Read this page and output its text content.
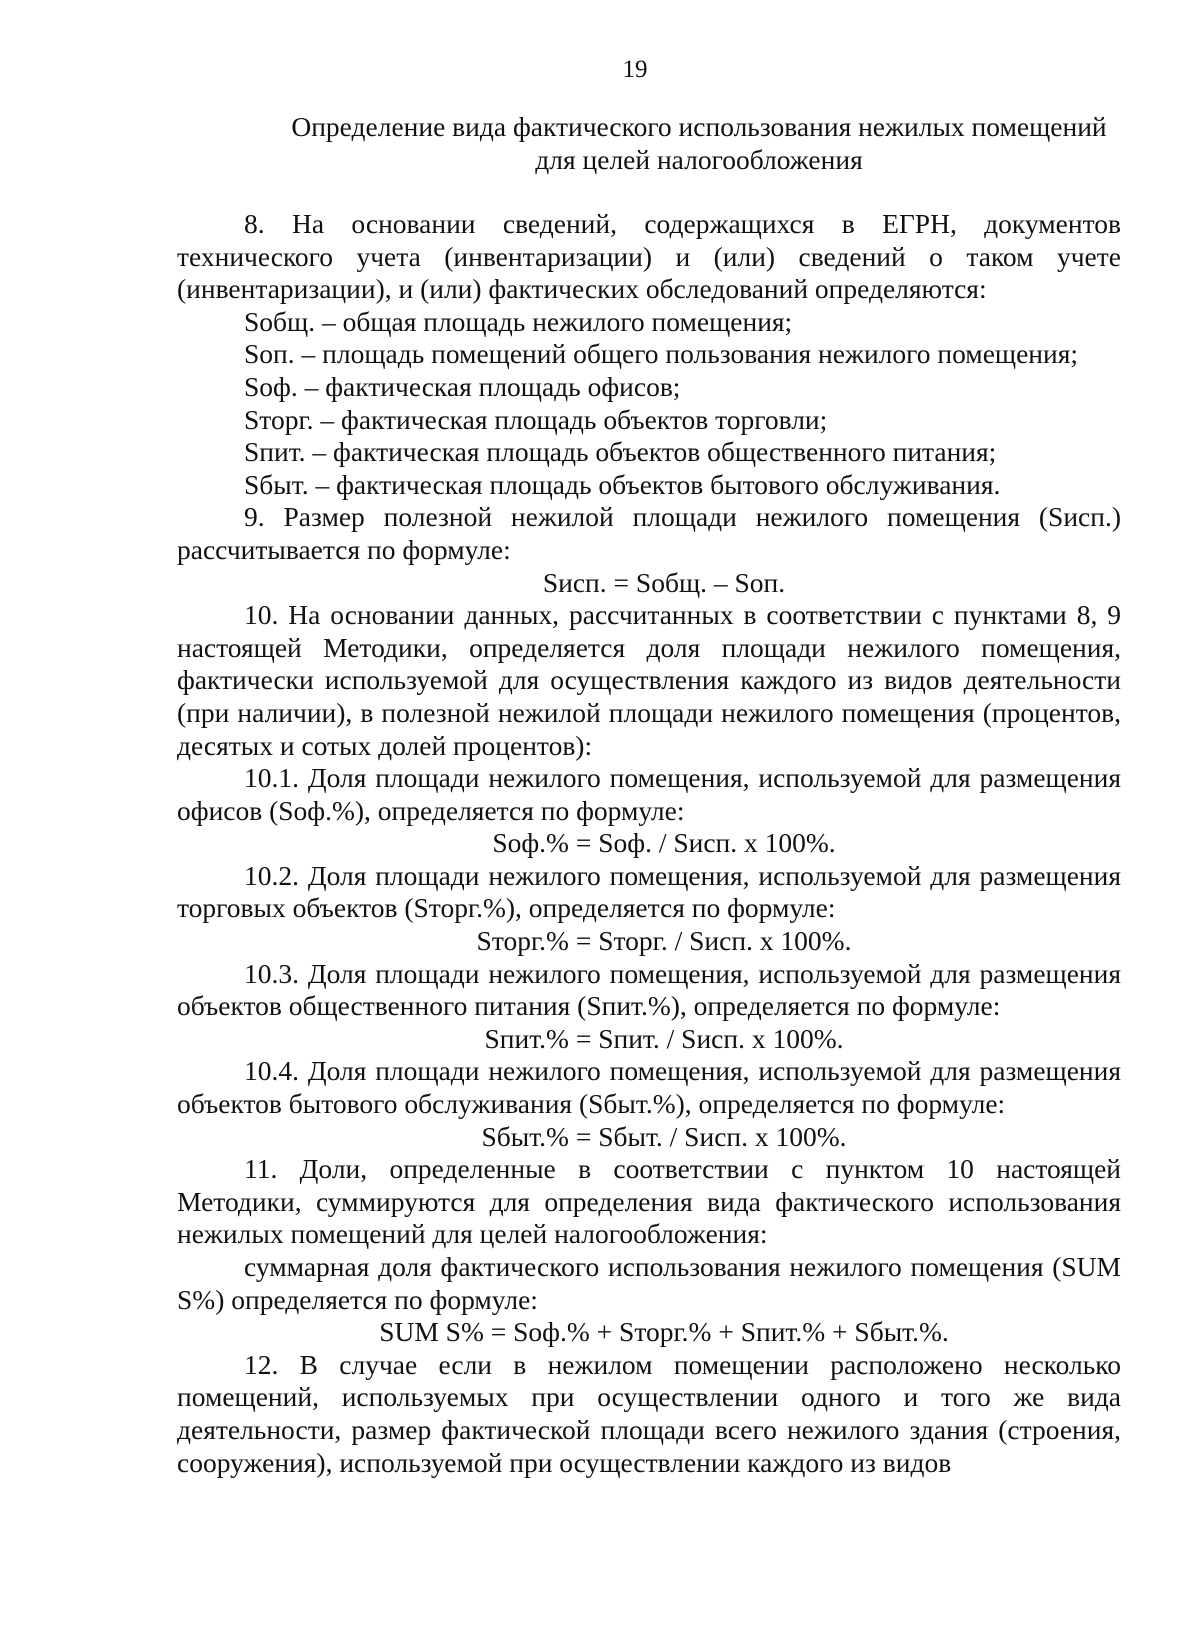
19
Определение вида фактического использования нежилых помещений
для целей налогообложения

8. На основании сведений, содержащихся в ЕГРН, документов технического учета (инвентаризации) и (или) сведений о таком учете (инвентаризации), и (или) фактических обследований определяются:

Sобщ. – общая площадь нежилого помещения;

Sоп. – площадь помещений общего пользования нежилого помещения;

Sоф. – фактическая площадь офисов;

Sторг. – фактическая площадь объектов торговли;

Sпит. – фактическая площадь объектов общественного питания;

Sбыт. – фактическая площадь объектов бытового обслуживания.

9. Размер полезной нежилой площади нежилого помещения (Sисп.) рассчитывается по формуле:

Sисп. = Sобщ. – Sоп.

10. На основании данных, рассчитанных в соответствии с пунктами 8, 9 настоящей Методики, определяется доля площади нежилого помещения, фактически используемой для осуществления каждого из видов деятельности (при наличии), в полезной нежилой площади нежилого помещения (процентов, десятых и сотых долей процентов):

10.1. Доля площади нежилого помещения, используемой для размещения офисов (Sоф.%), определяется по формуле:

Sоф.% = Sоф. / Sисп. x 100%.

10.2. Доля площади нежилого помещения, используемой для размещения торговых объектов (Sторг.%), определяется по формуле:

Sторг.% = Sторг. / Sисп. x 100%.

10.3. Доля площади нежилого помещения, используемой для размещения объектов общественного питания (Sпит.%), определяется по формуле:

Sпит.% = Sпит. / Sисп. x 100%.

10.4. Доля площади нежилого помещения, используемой для размещения объектов бытового обслуживания (Sбыт.%), определяется по формуле:

Sбыт.% = Sбыт. / Sисп. x 100%.

11. Доли, определенные в соответствии с пунктом 10 настоящей Методики, суммируются для определения вида фактического использования нежилых помещений для целей налогообложения:

суммарная доля фактического использования нежилого помещения (SUM S%) определяется по формуле:

SUM S% = Sоф.% + Sторг.% + Sпит.% + Sбыт.%.

12. В случае если в нежилом помещении расположено несколько помещений, используемых при осуществлении одного и того же вида деятельности, размер фактической площади всего нежилого здания (строения, сооружения), используемой при осуществлении каждого из видов
